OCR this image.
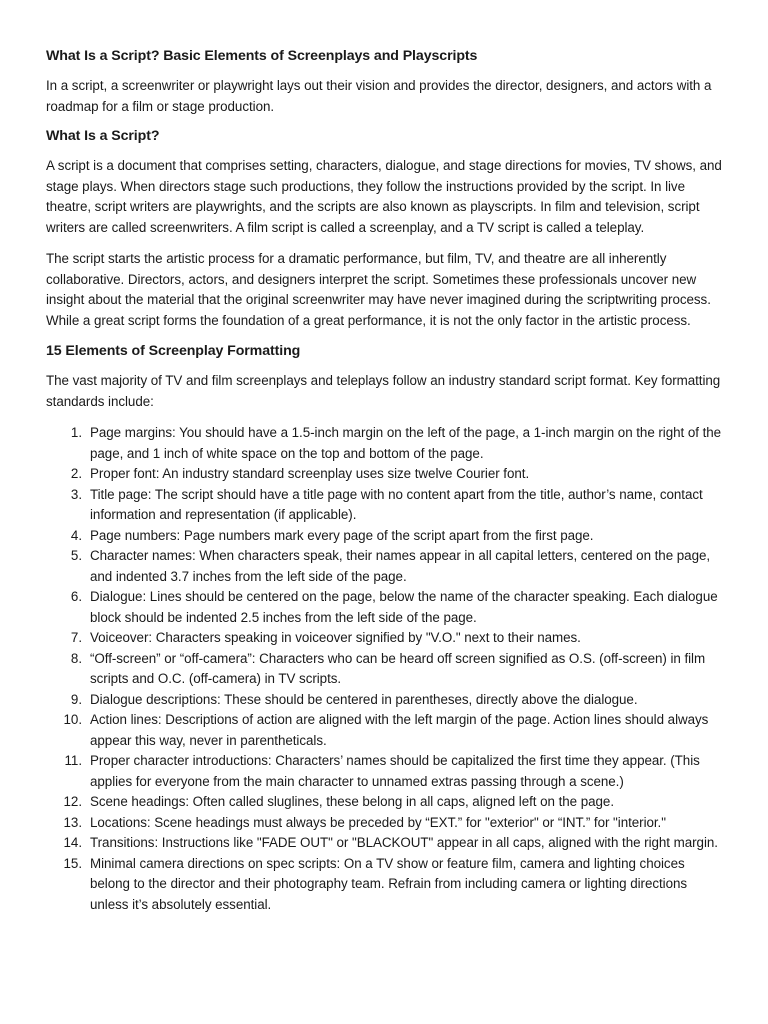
What Is a Script? Basic Elements of Screenplays and Playscripts

In a script, a screenwriter or playwright lays out their vision and provides the director, designers, and actors with a roadmap for a film or stage production.

What Is a Script?

A script is a document that comprises setting, characters, dialogue, and stage directions for movies, TV shows, and stage plays. When directors stage such productions, they follow the instructions provided by the script. In live theatre, script writers are playwrights, and the scripts are also known as playscripts. In film and television, script writers are called screenwriters. A film script is called a screenplay, and a TV script is called a teleplay.

The script starts the artistic process for a dramatic performance, but film, TV, and theatre are all inherently collaborative. Directors, actors, and designers interpret the script. Sometimes these professionals uncover new insight about the material that the original screenwriter may have never imagined during the scriptwriting process. While a great script forms the foundation of a great performance, it is not the only factor in the artistic process.

15 Elements of Screenplay Formatting

The vast majority of TV and film screenplays and teleplays follow an industry standard script format. Key formatting standards include:

1. Page margins: You should have a 1.5-inch margin on the left of the page, a 1-inch margin on the right of the page, and 1 inch of white space on the top and bottom of the page.
2. Proper font: An industry standard screenplay uses size twelve Courier font.
3. Title page: The script should have a title page with no content apart from the title, author’s name, contact information and representation (if applicable).
4. Page numbers: Page numbers mark every page of the script apart from the first page.
5. Character names: When characters speak, their names appear in all capital letters, centered on the page, and indented 3.7 inches from the left side of the page.
6. Dialogue: Lines should be centered on the page, below the name of the character speaking. Each dialogue block should be indented 2.5 inches from the left side of the page.
7. Voiceover: Characters speaking in voiceover signified by "V.O." next to their names.
8. “Off-screen” or “off-camera”: Characters who can be heard off screen signified as O.S. (off-screen) in film scripts and O.C. (off-camera) in TV scripts.
9. Dialogue descriptions: These should be centered in parentheses, directly above the dialogue.
10. Action lines: Descriptions of action are aligned with the left margin of the page. Action lines should always appear this way, never in parentheticals.
11. Proper character introductions: Characters’ names should be capitalized the first time they appear. (This applies for everyone from the main character to unnamed extras passing through a scene.)
12. Scene headings: Often called sluglines, these belong in all caps, aligned left on the page.
13. Locations: Scene headings must always be preceded by “EXT.” for "exterior" or “INT.” for "interior."
14. Transitions: Instructions like "FADE OUT" or "BLACKOUT" appear in all caps, aligned with the right margin.
15. Minimal camera directions on spec scripts: On a TV show or feature film, camera and lighting choices belong to the director and their photography team. Refrain from including camera or lighting directions unless it’s absolutely essential.
